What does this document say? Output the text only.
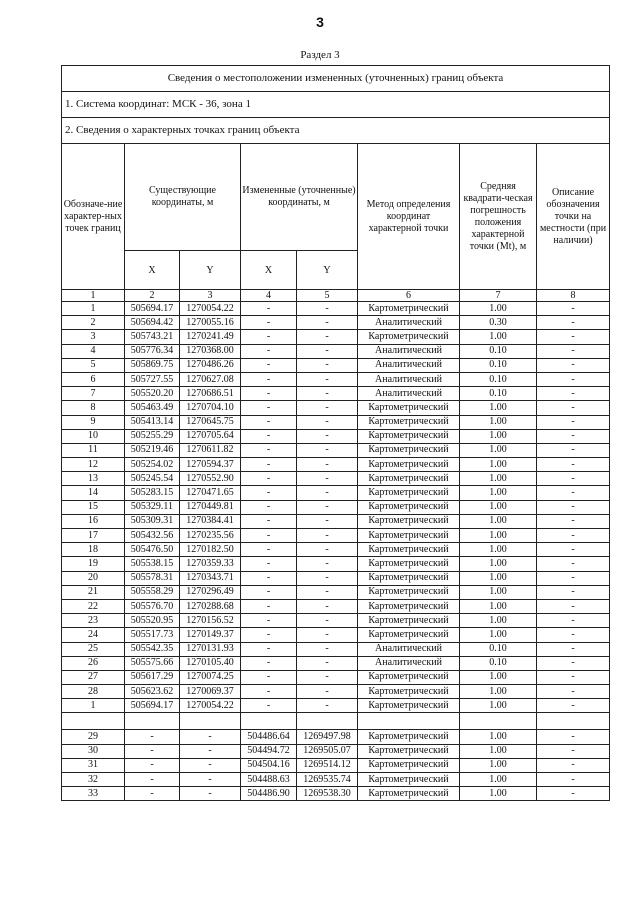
3
Раздел 3
Сведения о местоположении измененных (уточненных) границ объекта							
1. Система координат: МСК - 36, зона 1							
2. Сведения о характерных точках границ объекта							
Обозначе-ние характер-ных точек границ	Существующие координаты, м		Измененные (уточненные) координаты, м		Метод определения координат характерной точки	Средняя квадрати-ческая погрешность положения характерной точки (Mt), м	Описание обозначения точки на местности (при наличии)
	X	Y	X	Y			
1	2	3	4	5	6	7	8
1	505694.17	1270054.22	-	-	Картометрический	1.00	-
2	505694.42	1270055.16	-	-	Аналитический	0.30	-
3	505743.21	1270241.49	-	-	Картометрический	1.00	-
4	505776.34	1270368.00	-	-	Аналитический	0.10	-
5	505869.75	1270486.26	-	-	Аналитический	0.10	-
6	505727.55	1270627.08	-	-	Аналитический	0.10	-
7	505520.20	1270686.51	-	-	Аналитический	0.10	-
8	505463.49	1270704.10	-	-	Картометрический	1.00	-
9	505413.14	1270645.75	-	-	Картометрический	1.00	-
10	505255.29	1270705.64	-	-	Картометрический	1.00	-
11	505219.46	1270611.82	-	-	Картометрический	1.00	-
12	505254.02	1270594.37	-	-	Картометрический	1.00	-
13	505245.54	1270552.90	-	-	Картометрический	1.00	-
14	505283.15	1270471.65	-	-	Картометрический	1.00	-
15	505329.11	1270449.81	-	-	Картометрический	1.00	-
16	505309.31	1270384.41	-	-	Картометрический	1.00	-
17	505432.56	1270235.56	-	-	Картометрический	1.00	-
18	505476.50	1270182.50	-	-	Картометрический	1.00	-
19	505538.15	1270359.33	-	-	Картометрический	1.00	-
20	505578.31	1270343.71	-	-	Картометрический	1.00	-
21	505558.29	1270296.49	-	-	Картометрический	1.00	-
22	505576.70	1270288.68	-	-	Картометрический	1.00	-
23	505520.95	1270156.52	-	-	Картометрический	1.00	-
24	505517.73	1270149.37	-	-	Картометрический	1.00	-
25	505542.35	1270131.93	-	-	Аналитический	0.10	-
26	505575.66	1270105.40	-	-	Аналитический	0.10	-
27	505617.29	1270074.25	-	-	Картометрический	1.00	-
28	505623.62	1270069.37	-	-	Картометрический	1.00	-
1	505694.17	1270054.22	-	-	Картометрический	1.00	-

29	-	-	504486.64	1269497.98	Картометрический	1.00	-
30	-	-	504494.72	1269505.07	Картометрический	1.00	-
31	-	-	504504.16	1269514.12	Картометрический	1.00	-
32	-	-	504488.63	1269535.74	Картометрический	1.00	-
33	-	-	504486.90	1269538.30	Картометрический	1.00	-
